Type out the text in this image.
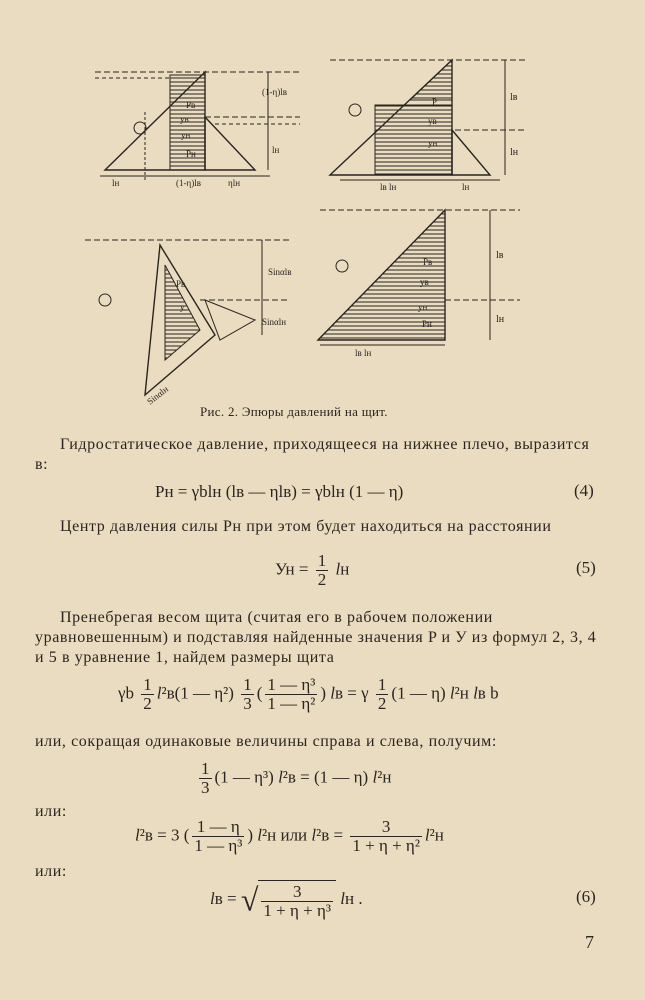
Pв
yв
yн
Pн
(1-η)lв
lн
lн	(1-η)lв	ηlн
P
yв
yн
lв
lн
lв lн	lн
Pв
y
Sinαlв
Sinαlн
Sinαlн
Pв
yв
yн
Pн
lв
lн
lв lн
Рис. 2. Эпюры давлений на щит.
Гидростатическое давление, приходящееся на нижнее плечо, выразится в:
Pн = γblн (lв — ηlв) = γblн (1 — η)	(4)
Центр давления силы Pн при этом будет находиться на расстоянии
Ун = $\frac{1}{2}$ lн	(5)
Пренебрегая весом щита (считая его в рабочем положении уравновешенным) и подставляя найденные значения P и У из формул 2, 3, 4 и 5 в уравнение 1, найдем размеры щита
γb $\frac{1}{2} l^2в(1$ — $\eta^2) \frac{1}{3}$ ( $\frac{\text{1 — η³}}{\text{1 — η²}}$ ) lв = γ $\frac{1}{2} (1$ — η) l²н lв b
или, сокращая одинаковые величины справа и слева, получим:
$\frac{1}{3} (1$ — η³) l²в = (1 — η) l²н
или:
l²в = 3 ( $\frac{1 — \eta}{\text{1 — η³}}$ ) l²н или $l^2в = \frac{3}{\text{1 + η + η²}} l^2н$
или:
lв = √ $\frac{3}{\text{1 + η + η³}}$ lн .	(6)
7
